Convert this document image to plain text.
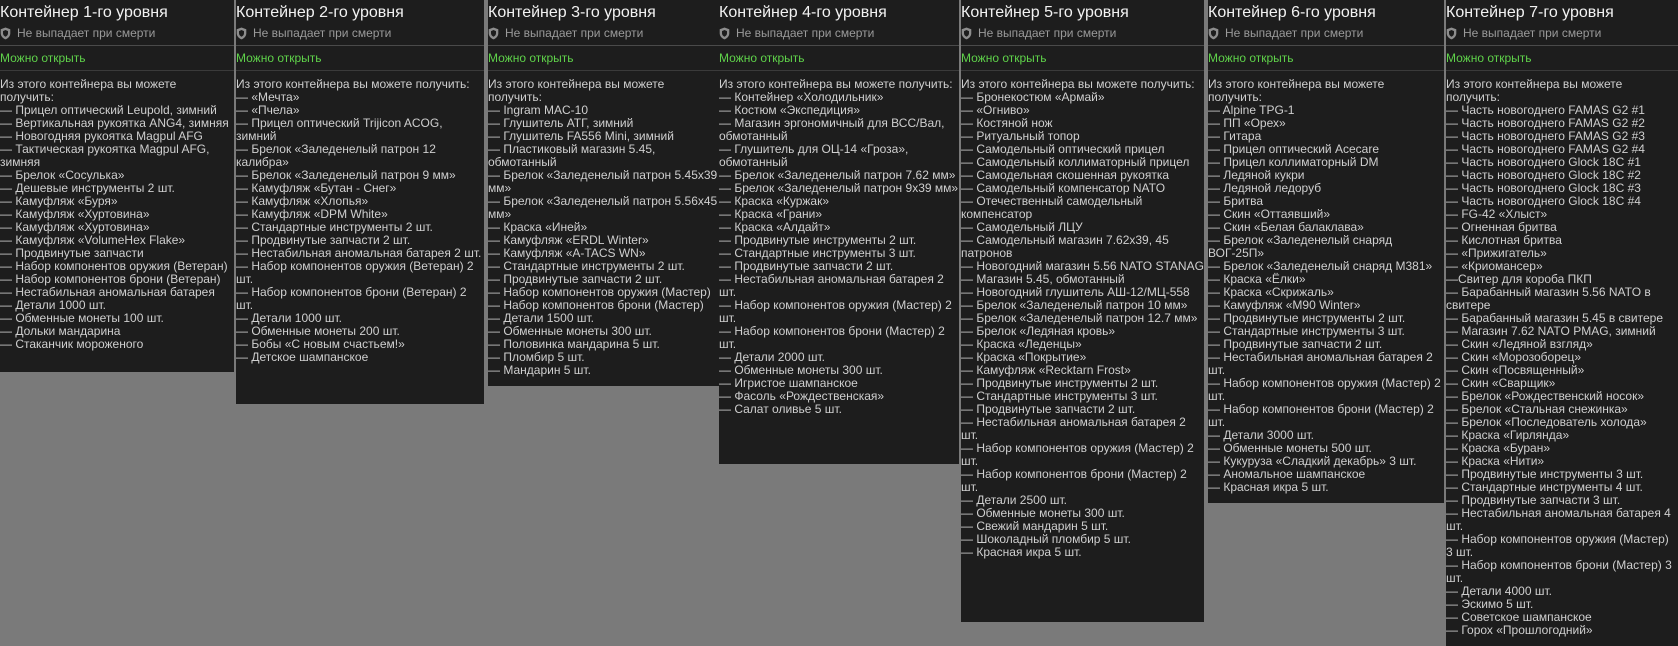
Контейнер 1-го уровня
Не выпадает при смерти
Можно открыть
Из этого контейнера вы можете получить:
— Прицел оптический Leupold, зимний
— Вертикальная рукоятка ANG4, зимняя
— Новогодняя рукоятка Magpul AFG
— Тактическая рукоятка Magpul AFG, зимняя
— Брелок «Сосулька»
— Дешевые инструменты 2 шт.
— Камуфляж «Буря»
— Камуфляж «Хуртовина»
— Камуфляж «Хуртовина»
— Камуфляж «VolumeHex Flake»
— Продвинутые запчасти
— Набор компонентов оружия (Ветеран)
— Набор компонентов брони (Ветеран)
— Нестабильная аномальная батарея
— Детали 1000 шт.
— Обменные монеты 100 шт.
— Дольки мандарина
— Стаканчик мороженого
Контейнер 2-го уровня
Не выпадает при смерти
Можно открыть
Из этого контейнера вы можете получить:
— «Мечта»
— «Пчела»
— Прицел оптический Trijicon ACOG, зимний
— Брелок «Заледенелый патрон 12 калибра»
— Брелок «Заледенелый патрон 9 мм»
— Камуфляж «Бутан - Снег»
— Камуфляж «Хлопья»
— Камуфляж «DPM White»
— Стандартные инструменты 2 шт.
— Продвинутые запчасти 2 шт.
— Нестабильная аномальная батарея 2 шт.
— Набор компонентов оружия (Ветеран) 2 шт.
— Набор компонентов брони (Ветеран) 2 шт.
— Детали 1000 шт.
— Обменные монеты 200 шт.
— Бобы «С новым счастьем!»
— Детское шампанское
Контейнер 3-го уровня
Не выпадает при смерти
Можно открыть
Из этого контейнера вы можете получить:
— Ingram MAC-10
— Глушитель АТГ, зимний
— Глушитель FA556 Mini, зимний
— Пластиковый магазин 5.45, обмотанный
— Брелок «Заледенелый патрон 5.45x39 мм»
— Брелок «Заледенелый патрон 5.56x45 мм»
— Краска «Иней»
— Камуфляж «ERDL Winter»
— Камуфляж «A-TACS WN»
— Стандартные инструменты 2 шт.
— Продвинутые запчасти 2 шт.
— Набор компонентов оружия (Мастер)
— Набор компонентов брони (Мастер)
— Детали 1500 шт.
— Обменные монеты 300 шт.
— Половинка мандарина 5 шт.
— Пломбир 5 шт.
— Мандарин 5 шт.
Контейнер 4-го уровня
Не выпадает при смерти
Можно открыть
Из этого контейнера вы можете получить:
— Контейнер «Холодильник»
— Костюм «Экспедиция»
— Магазин эргономичный для ВСС/Вал, обмотанный
— Глушитель для ОЦ-14 «Гроза», обмотанный
— Брелок «Заледенелый патрон 7.62 мм»
— Брелок «Заледенелый патрон 9x39 мм»
— Краска «Куржак»
— Краска «Грани»
— Краска «Алдайт»
— Продвинутые инструменты 2 шт.
— Стандартные инструменты 3 шт.
— Продвинутые запчасти 2 шт.
— Нестабильная аномальная батарея 2 шт.
— Набор компонентов оружия (Мастер) 2 шт.
— Набор компонентов брони (Мастер) 2 шт.
— Детали 2000 шт.
— Обменные монеты 300 шт.
— Игристое шампанское
— Фасоль «Рождественская»
— Салат оливье 5 шт.
Контейнер 5-го уровня
Не выпадает при смерти
Можно открыть
Из этого контейнера вы можете получить:
— Бронекостюм «Армай»
— «Огниво»
— Костяной нож
— Ритуальный топор
— Самодельный оптический прицел
— Самодельный коллиматорный прицел
— Самодельная скошенная рукоятка
— Самодельный компенсатор NATO
— Отечественный самодельный компенсатор
— Самодельный ЛЦУ
— Самодельный магазин 7.62x39, 45 патронов
— Новогодний магазин 5.56 NATO STANAG
— Магазин 5.45, обмотанный
— Новогодний глушитель АШ-12/МЦ-558
— Брелок «Заледенелый патрон 10 мм»
— Брелок «Заледенелый патрон 12.7 мм»
— Брелок «Ледяная кровь»
— Краска «Леденцы»
— Краска «Покрытие»
— Камуфляж «Recktarn Frost»
— Продвинутые инструменты 2 шт.
— Стандартные инструменты 3 шт.
— Продвинутые запчасти 2 шт.
— Нестабильная аномальная батарея 2 шт.
— Набор компонентов оружия (Мастер) 2 шт.
— Набор компонентов брони (Мастер) 2 шт.
— Детали 2500 шт.
— Обменные монеты 300 шт.
— Свежий мандарин 5 шт.
— Шоколадный пломбир 5 шт.
— Красная икра 5 шт.
Контейнер 6-го уровня
Не выпадает при смерти
Можно открыть
Из этого контейнера вы можете получить:
— Alpine TPG-1
— ПП «Орех»
— Гитара
— Прицел оптический Acecare
— Прицел коллиматорный DM
— Ледяной кукри
— Ледяной ледоруб
— Бритва
— Скин «Оттаявший»
— Скин «Белая балаклава»
— Брелок «Заледенелый снаряд ВОГ-25П»
— Брелок «Заледенелый снаряд M381»
— Краска «Ёлки»
— Краска «Скрижаль»
— Камуфляж «M90 Winter»
— Продвинутые инструменты 2 шт.
— Стандартные инструменты 3 шт.
— Продвинутые запчасти 2 шт.
— Нестабильная аномальная батарея 2 шт.
— Набор компонентов оружия (Мастер) 2 шт.
— Набор компонентов брони (Мастер) 2 шт.
— Детали 3000 шт.
— Обменные монеты 500 шт.
— Кукуруза «Сладкий декабрь» 3 шт.
— Аномальное шампанское
— Красная икра 5 шт.
Контейнер 7-го уровня
Не выпадает при смерти
Можно открыть
Из этого контейнера вы можете получить:
— Часть новогоднего FAMAS G2 #1
— Часть новогоднего FAMAS G2 #2
— Часть новогоднего FAMAS G2 #3
— Часть новогоднего FAMAS G2 #4
— Часть новогоднего Glock 18C #1
— Часть новогоднего Glock 18C #2
— Часть новогоднего Glock 18C #3
— Часть новогоднего Glock 18C #4
— FG-42 «Хлыст»
— Огненная бритва
— Кислотная бритва
— «Прижигатель»
— «Криомансер»
—Свитер для короба ПКП
— Барабанный магазин 5.56 NATO в свитере
— Барабанный магазин 5.45 в свитере
— Магазин 7.62 NATO PMAG, зимний
— Скин «Ледяной взгляд»
— Скин «Морозоборец»
— Скин «Посвященный»
— Скин «Сварщик»
— Брелок «Рождественский носок»
— Брелок «Стальная снежинка»
— Брелок «Последователь холода»
— Краска «Гирлянда»
— Краска «Буран»
— Краска «Нити»
— Продвинутые инструменты 3 шт.
— Стандартные инструменты 4 шт.
— Продвинутые запчасти 3 шт.
— Нестабильная аномальная батарея 4 шт.
— Набор компонентов оружия (Мастер) 3 шт.
— Набор компонентов брони (Мастер) 3 шт.
— Детали 4000 шт.
— Эскимо 5 шт.
— Советское шампанское
— Горох «Прошлогодний»
